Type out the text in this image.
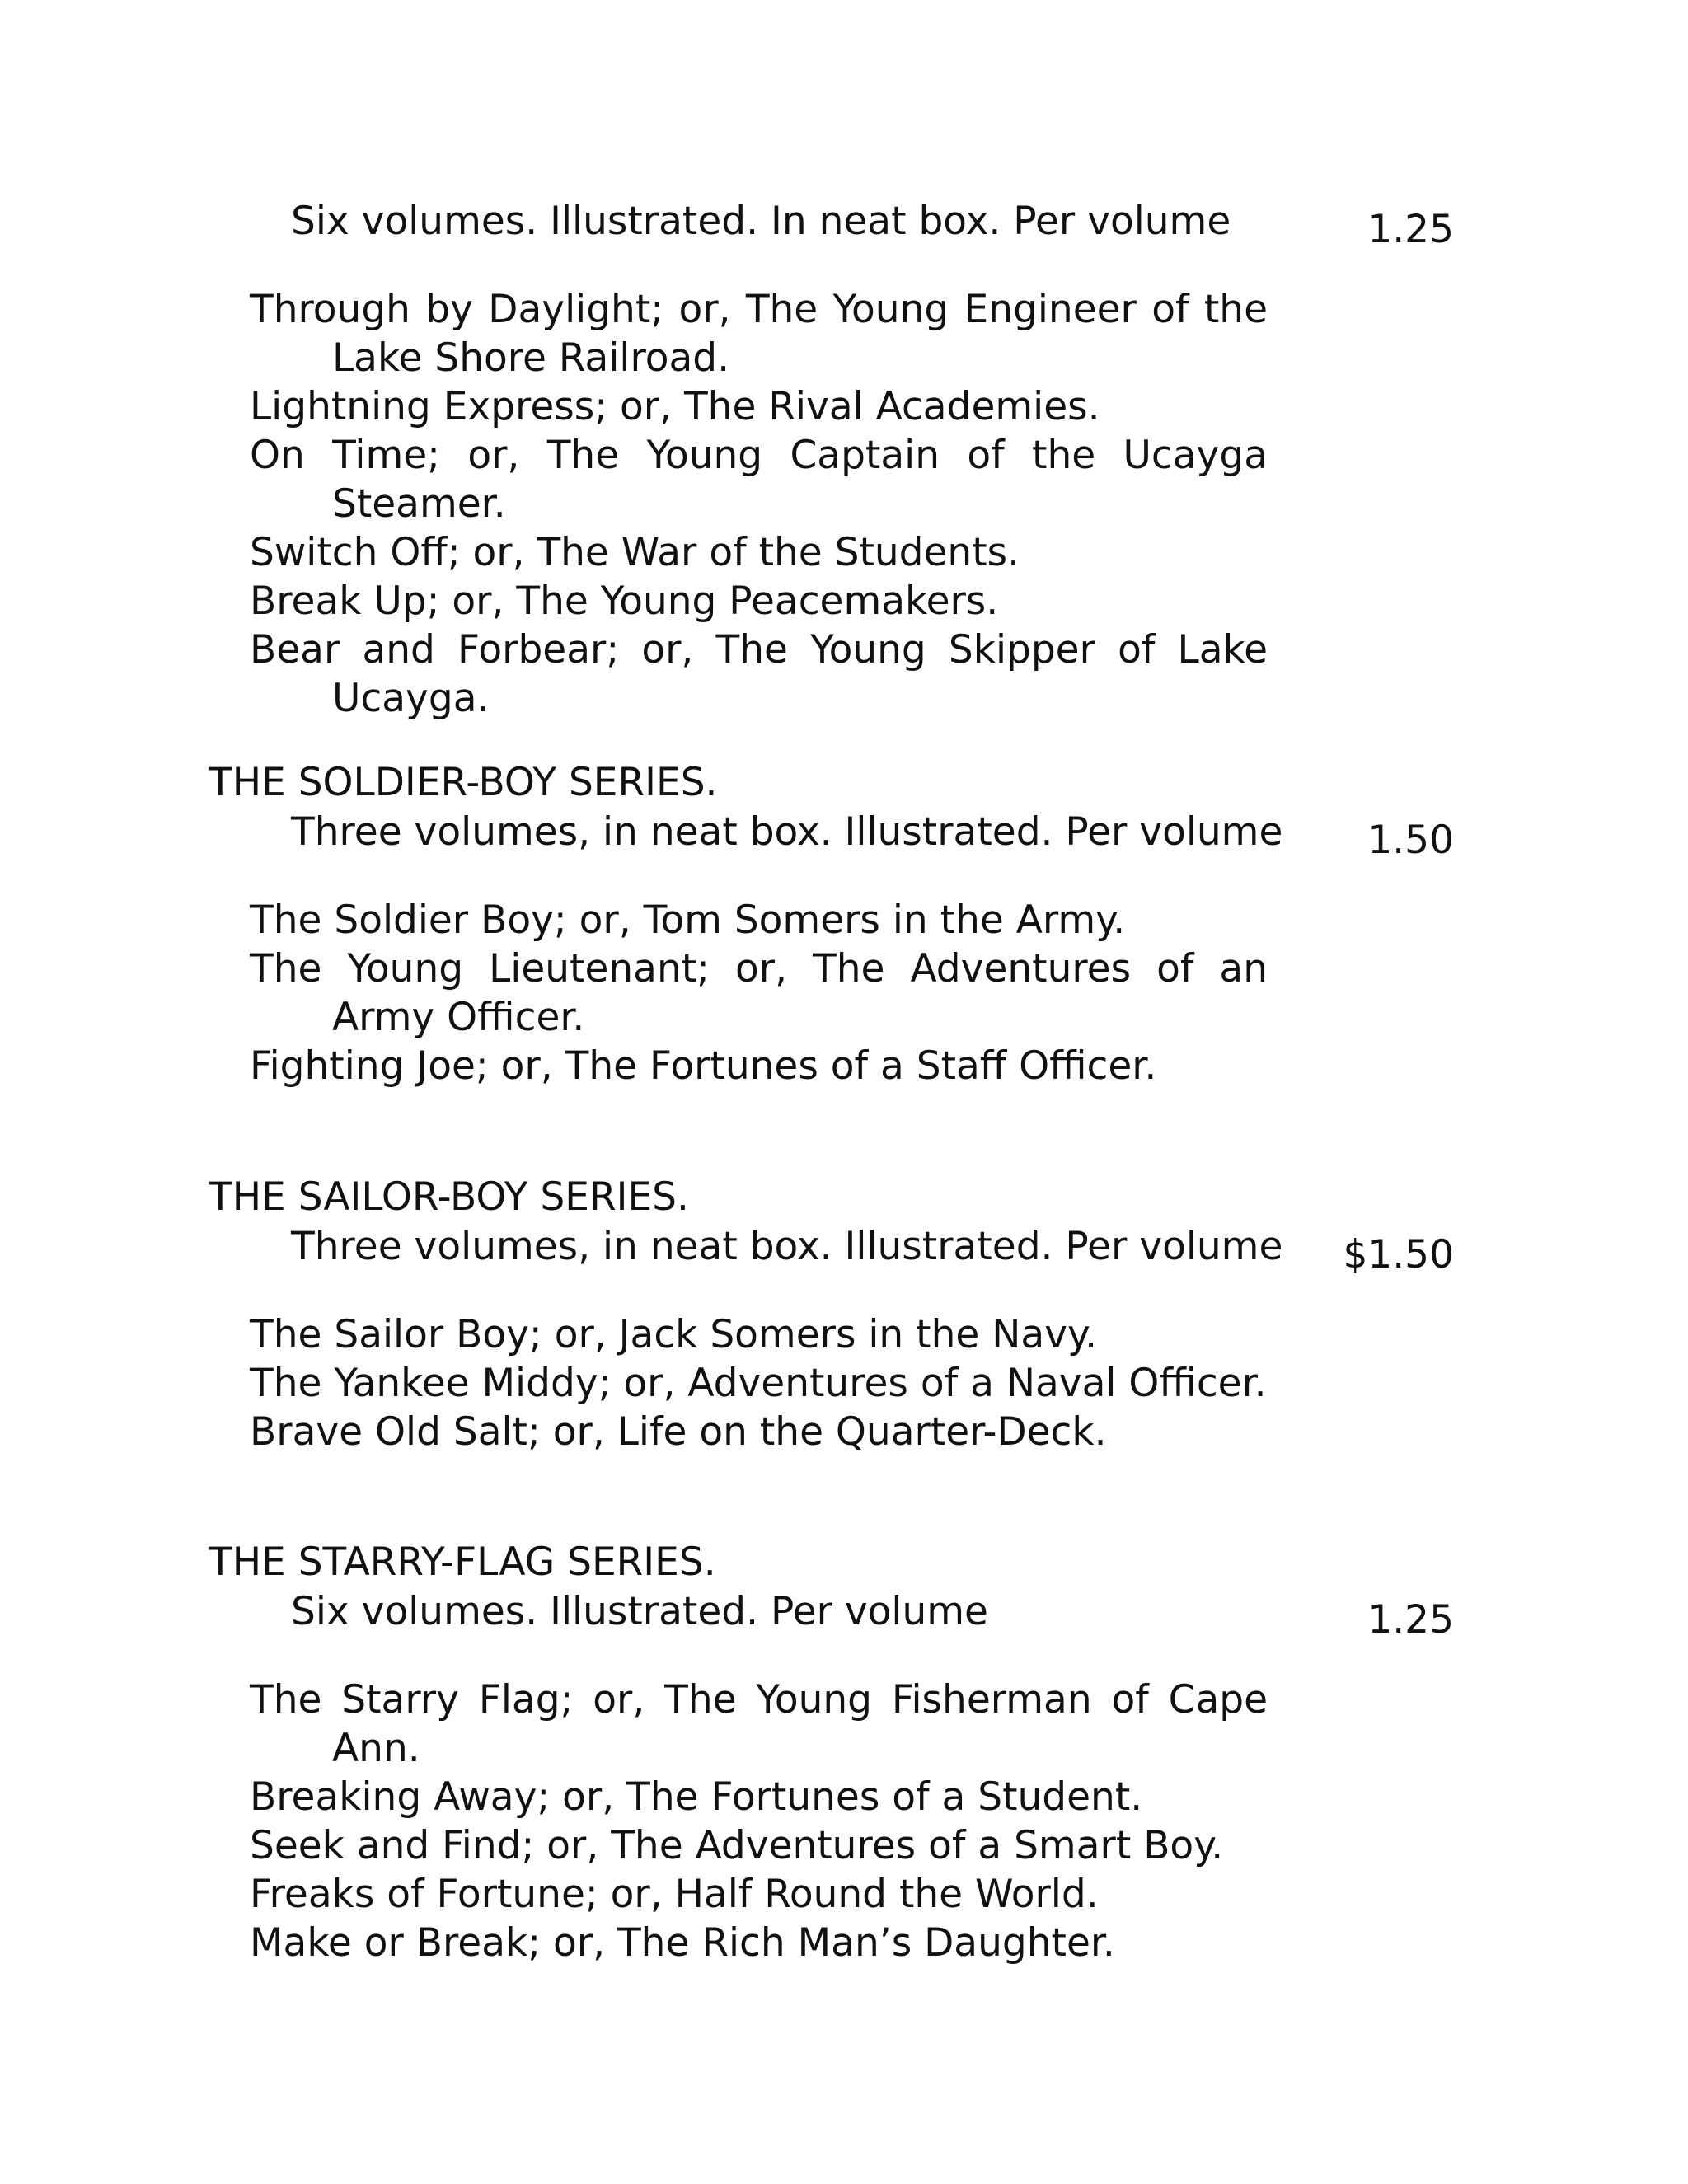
Six volumes. Illustrated. In neat box. Per volume	1.25
Through by Daylight; or, The Young Engineer of the Lake Shore Railroad.
Lightning Express; or, The Rival Academies.
On Time; or, The Young Captain of the Ucayga Steamer.
Switch Off; or, The War of the Students.
Break Up; or, The Young Peacemakers.
Bear and Forbear; or, The Young Skipper of Lake Ucayga.
THE SOLDIER-BOY SERIES.
Three volumes, in neat box. Illustrated. Per volume 1.50
The Soldier Boy; or, Tom Somers in the Army.
The Young Lieutenant; or, The Adventures of an Army Officer.
Fighting Joe; or, The Fortunes of a Staff Officer.
THE SAILOR-BOY SERIES.
Three volumes, in neat box. Illustrated. Per volume $1.50
The Sailor Boy; or, Jack Somers in the Navy.
The Yankee Middy; or, Adventures of a Naval Officer.
Brave Old Salt; or, Life on the Quarter-Deck.
THE STARRY-FLAG SERIES.
Six volumes. Illustrated. Per volume	1.25
The Starry Flag; or, The Young Fisherman of Cape Ann.
Breaking Away; or, The Fortunes of a Student.
Seek and Find; or, The Adventures of a Smart Boy.
Freaks of Fortune; or, Half Round the World.
Make or Break; or, The Rich Man’s Daughter.
